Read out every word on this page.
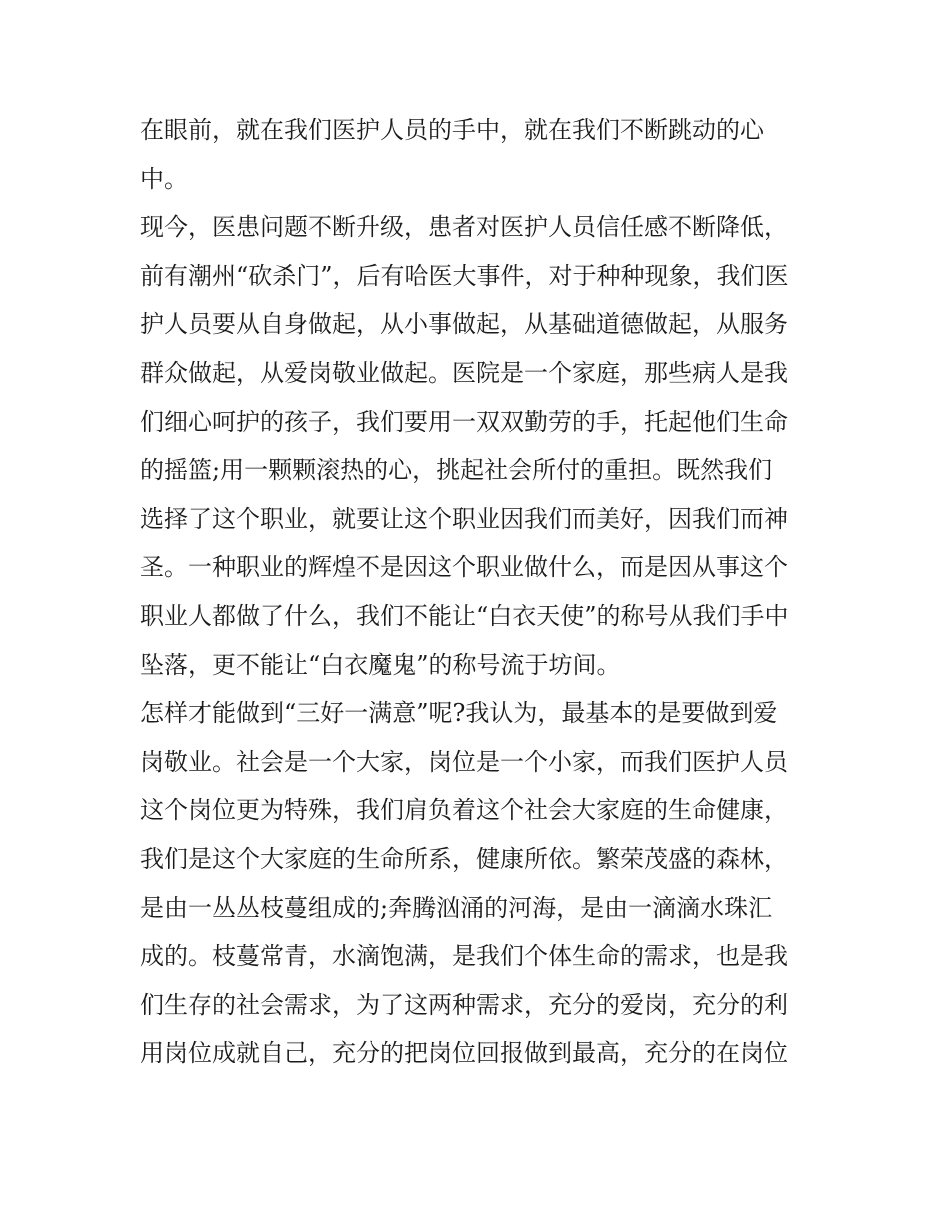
在眼前，就在我们医护人员的手中，就在我们不断跳动的心
中。
现今，医患问题不断升级，患者对医护人员信任感不断降低，
前有潮州“砍杀门”，后有哈医大事件，对于种种现象，我们医
护人员要从自身做起，从小事做起，从基础道德做起，从服务
群众做起，从爱岗敬业做起。医院是一个家庭，那些病人是我
们细心呵护的孩子，我们要用一双双勤劳的手，托起他们生命
的摇篮;用一颗颗滚热的心，挑起社会所付的重担。既然我们
选择了这个职业，就要让这个职业因我们而美好，因我们而神
圣。一种职业的辉煌不是因这个职业做什么，而是因从事这个
职业人都做了什么，我们不能让“白衣天使”的称号从我们手中
坠落，更不能让“白衣魔鬼”的称号流于坊间。
怎样才能做到“三好一满意”呢?我认为，最基本的是要做到爱
岗敬业。社会是一个大家，岗位是一个小家，而我们医护人员
这个岗位更为特殊，我们肩负着这个社会大家庭的生命健康，
我们是这个大家庭的生命所系，健康所依。繁荣茂盛的森林，
是由一丛丛枝蔓组成的;奔腾汹涌的河海，是由一滴滴水珠汇
成的。枝蔓常青，水滴饱满，是我们个体生命的需求，也是我
们生存的社会需求，为了这两种需求，充分的爱岗，充分的利
用岗位成就自己，充分的把岗位回报做到最高，充分的在岗位
